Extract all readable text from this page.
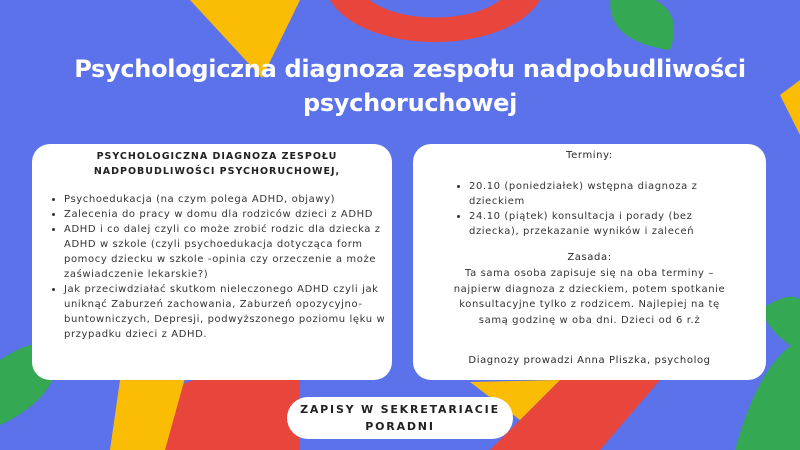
Psychologiczna diagnoza zespołu nadpobudliwości psychoruchowej
PSYCHOLOGICZNA DIAGNOZA ZESPOŁU NADPOBUDLIWOŚCI PSYCHORUCHOWEJ,
• Psychoedukacja (na czym polega ADHD, objawy)
• Zalecenia do pracy w domu dla rodziców dzieci z ADHD
• ADHD i co dalej czyli co może zrobić rodzic dla dziecka z ADHD w szkole (czyli psychoedukacja dotycząca form pomocy dziecku w szkole -opinia czy orzeczenie a może zaświadczenie lekarskie?)
• Jak przeciwdziałać skutkom nieleczonego ADHD czyli jak uniknąć Zaburzeń zachowania, Zaburzeń opozycyjno-buntowniczych, Depresji, podwyższonego poziomu lęku w przypadku dzieci z ADHD.
Terminy:
• 20.10 (poniedziałek) wstępna diagnoza z dzieckiem
• 24.10 (piątek) konsultacja i porady (bez dziecka), przekazanie wyników i zaleceń
Zasada:
Ta sama osoba zapisuje się na oba terminy – najpierw diagnoza z dzieckiem, potem spotkanie konsultacyjne tylko z rodzicem. Najlepiej na tę samą godzinę w oba dni. Dzieci od 6 r.ż
Diagnozy prowadzi Anna Pliszka, psycholog
ZAPISY W SEKRETARIACIE PORADNI
